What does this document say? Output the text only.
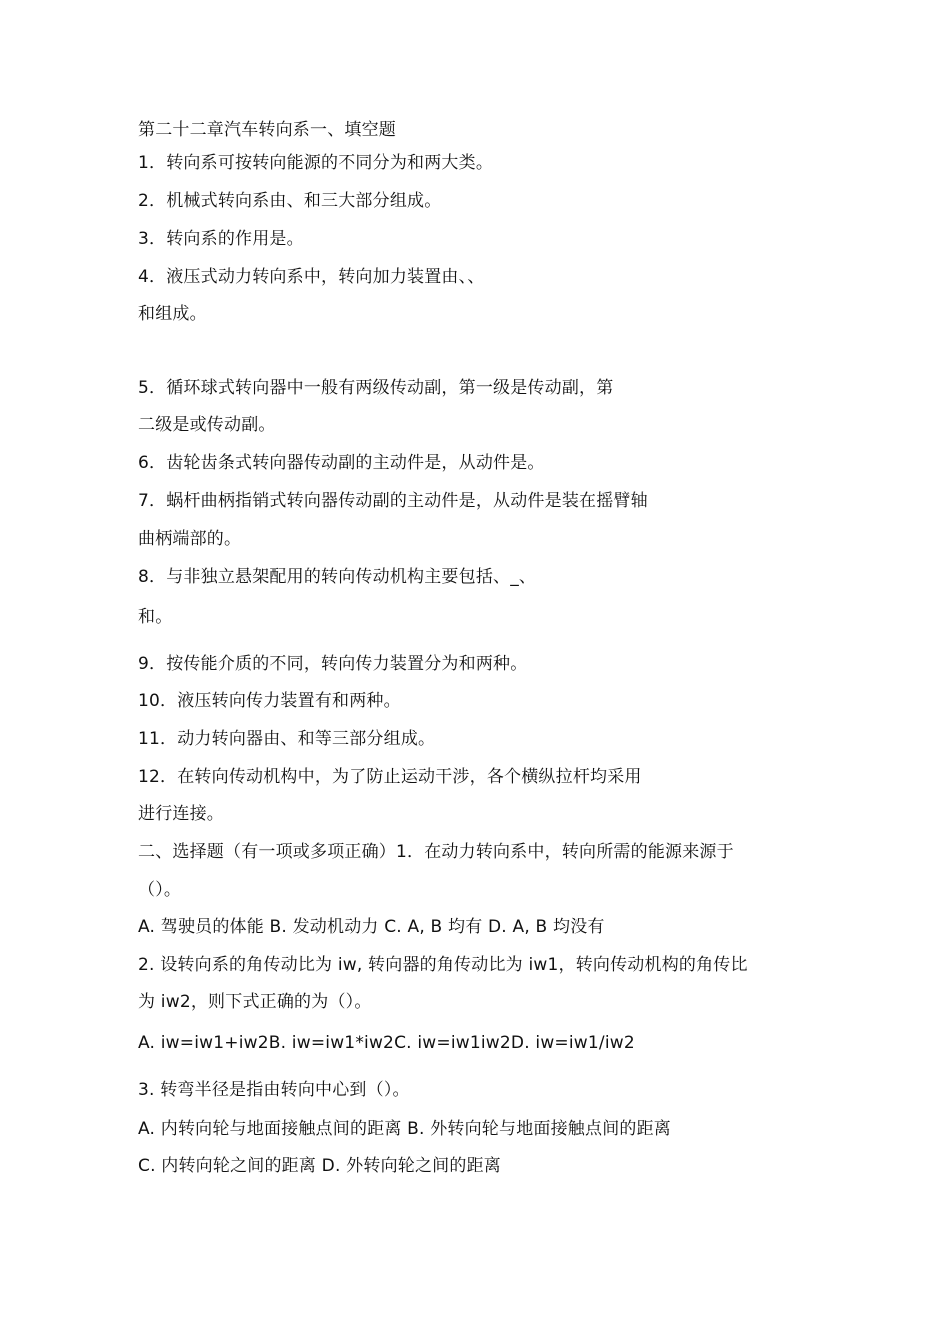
第二十二章汽车转向系一、填空题
1．转向系可按转向能源的不同分为和两大类。
2．机械式转向系由、和三大部分组成。
3．转向系的作用是。
4．液压式动力转向系中，转向加力装置由、、
和组成。
5．循环球式转向器中一般有两级传动副，第一级是传动副，第
二级是或传动副。
6．齿轮齿条式转向器传动副的主动件是，从动件是。
7．蜗杆曲柄指销式转向器传动副的主动件是，从动件是装在摇臂轴
曲柄端部的。
8．与非独立悬架配用的转向传动机构主要包括、_、
和。
9．按传能介质的不同，转向传力装置分为和两种。
10．液压转向传力装置有和两种。
11．动力转向器由、和等三部分组成。
12．在转向传动机构中，为了防止运动干涉，各个横纵拉杆均采用
进行连接。
二、选择题（有一项或多项正确）1．在动力转向系中，转向所需的能源来源于
（）。
A. 驾驶员的体能 B. 发动机动力 C. A, B 均有 D. A, B 均没有
2. 设转向系的角传动比为 iw, 转向器的角传动比为 iw1，转向传动机构的角传比
为 iw2，则下式正确的为（）。
A. iw=iw1+iw2B. iw=iw1*iw2C. iw=iw1iw2D. iw=iw1/iw2
3. 转弯半径是指由转向中心到（）。
A. 内转向轮与地面接触点间的距离 B. 外转向轮与地面接触点间的距离
C. 内转向轮之间的距离 D. 外转向轮之间的距离
